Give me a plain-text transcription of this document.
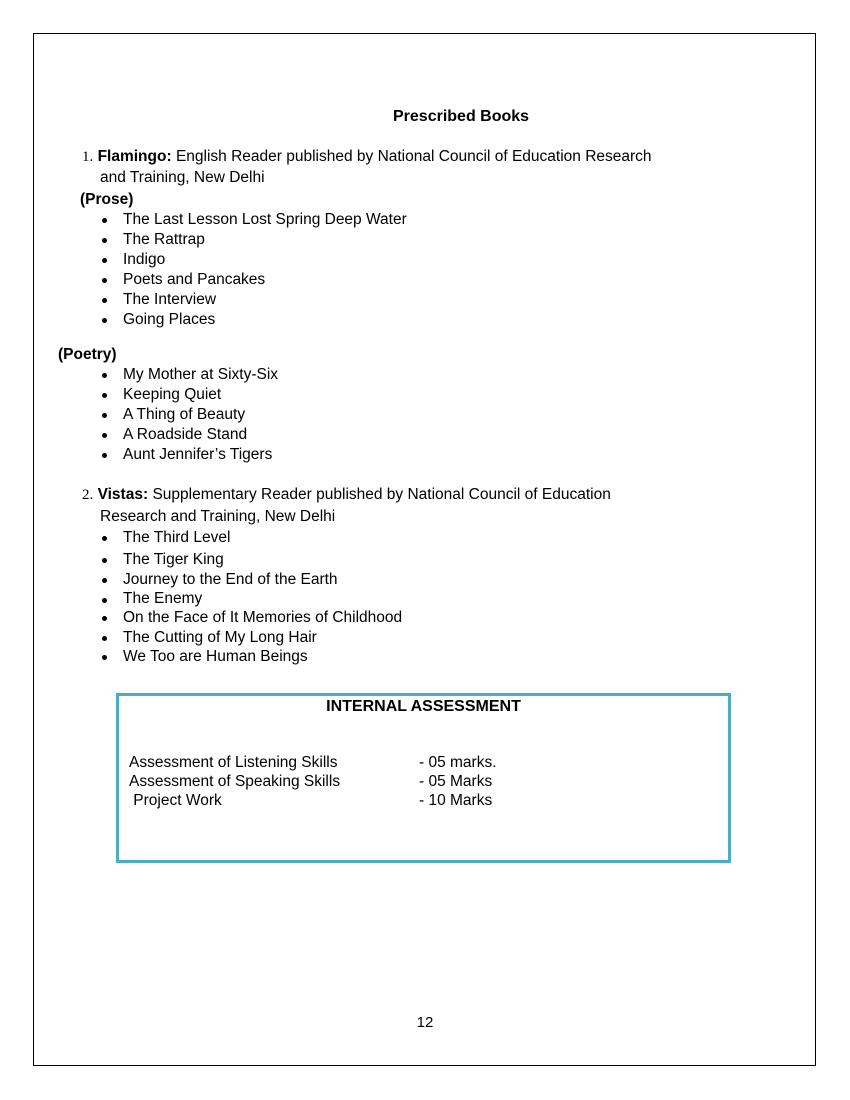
Prescribed Books
1. Flamingo: English Reader published by National Council of Education Research
and Training, New Delhi
(Prose)
The Last Lesson Lost Spring Deep Water
The Rattrap
Indigo
Poets and Pancakes
The Interview
Going Places
(Poetry)
My Mother at Sixty-Six
Keeping Quiet
A Thing of Beauty
A Roadside Stand
Aunt Jennifer’s Tigers
2. Vistas: Supplementary Reader published by National Council of Education
Research and Training, New Delhi
The Third Level
The Tiger King
Journey to the End of the Earth
The Enemy
On the Face of It Memories of Childhood
The Cutting of My Long Hair
We Too are Human Beings
INTERNAL ASSESSMENT
Assessment of Listening Skills	- 05 marks.
Assessment of Speaking Skills	- 05 Marks
Project Work	- 10 Marks
12
